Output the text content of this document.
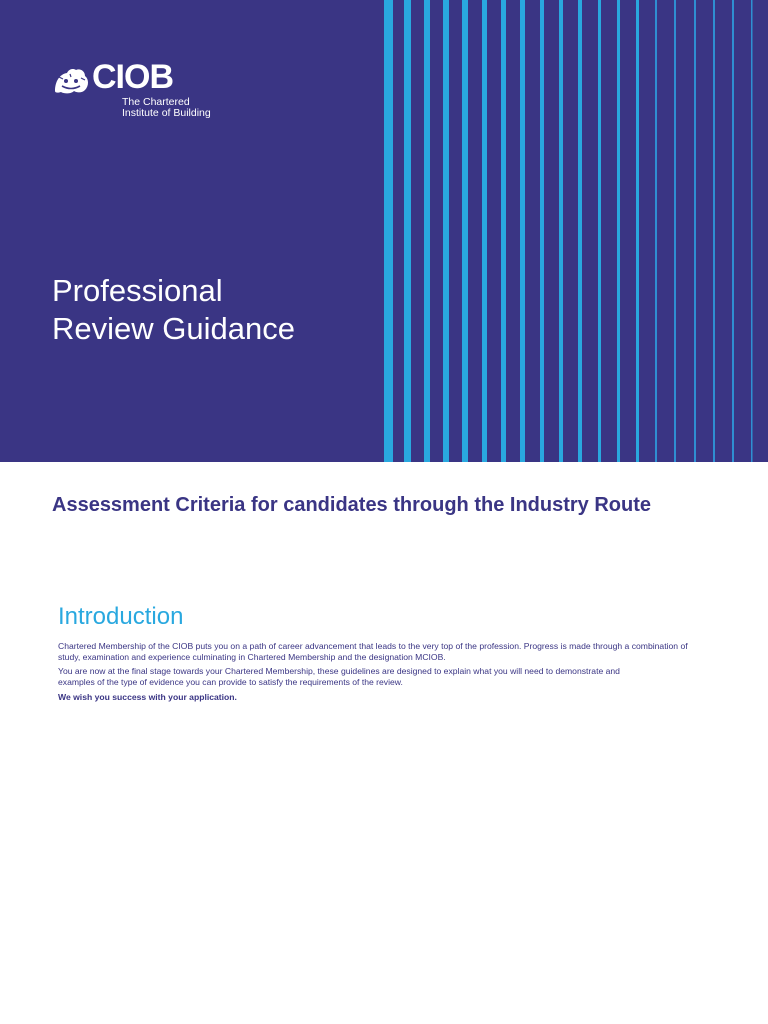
CIOB
The Chartered
Institute of Building
Professional
Review Guidance
Assessment Criteria for candidates through the Industry Route
Introduction

Chartered Membership of the CIOB puts you on a path of career advancement that leads to the very top of the profession. Progress is made through a combination of

study, examination and experience culminating in Chartered Membership and the designation MCIOB.

You are now at the final stage towards your Chartered Membership, these guidelines are designed to explain what you will need to demonstrate and

examples of the type of evidence you can provide to satisfy the requirements of the review.

We wish you success with your application.
